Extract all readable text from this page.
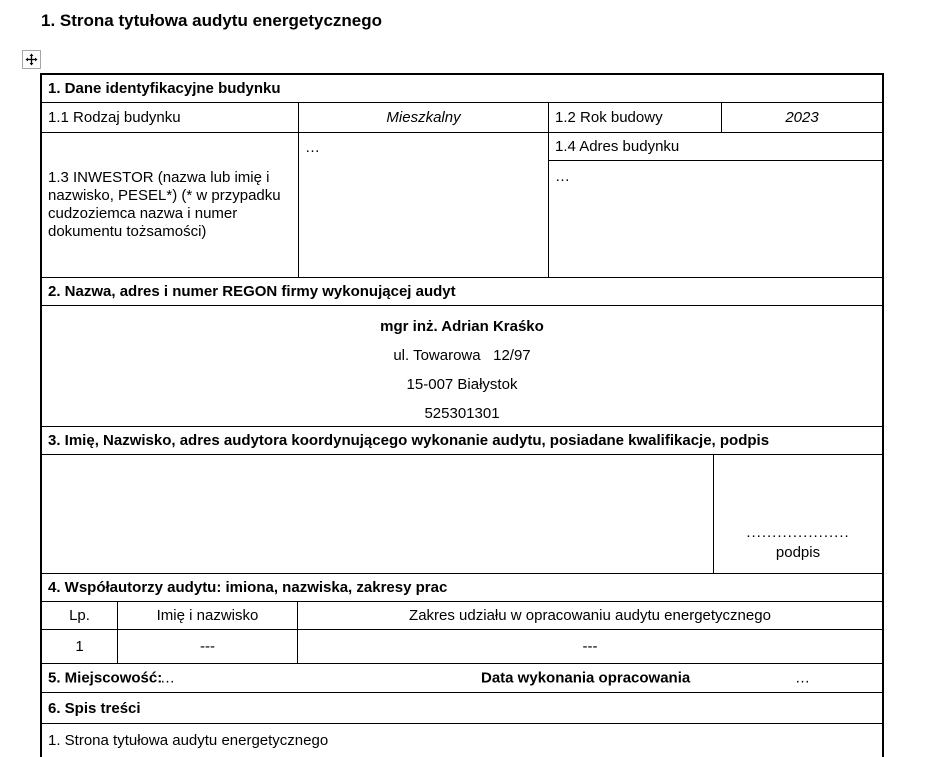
1. Strona tytułowa audytu energetycznego
1. Dane identyfikacyjne budynku
1.1 Rodzaj budynku	Mieszkalny	1.2 Rok budowy	2023
1.3 INWESTOR (nazwa lub imię i nazwisko, PESEL*) (* w przypadku cudzoziemca nazwa i numer dokumentu tożsamości)
…	1.4 Adres budynku
…
2. Nazwa, adres i numer REGON firmy wykonującej audyt
mgr inż. Adrian Kraśko
ul. Towarowa   12/97
15-007 Białystok
525301301
3. Imię, Nazwisko, adres audytora koordynującego wykonanie audytu, posiadane kwalifikacje, podpis
....................
podpis
4. Współautorzy audytu: imiona, nazwiska, zakresy prac
Lp.	Imię i nazwisko	Zakres udziału w opracowaniu audytu energetycznego
1	---	---
5. Miejscowość:
…	Data wykonania opracowania	…
6. Spis treści
1. Strona tytułowa audytu energetycznego
